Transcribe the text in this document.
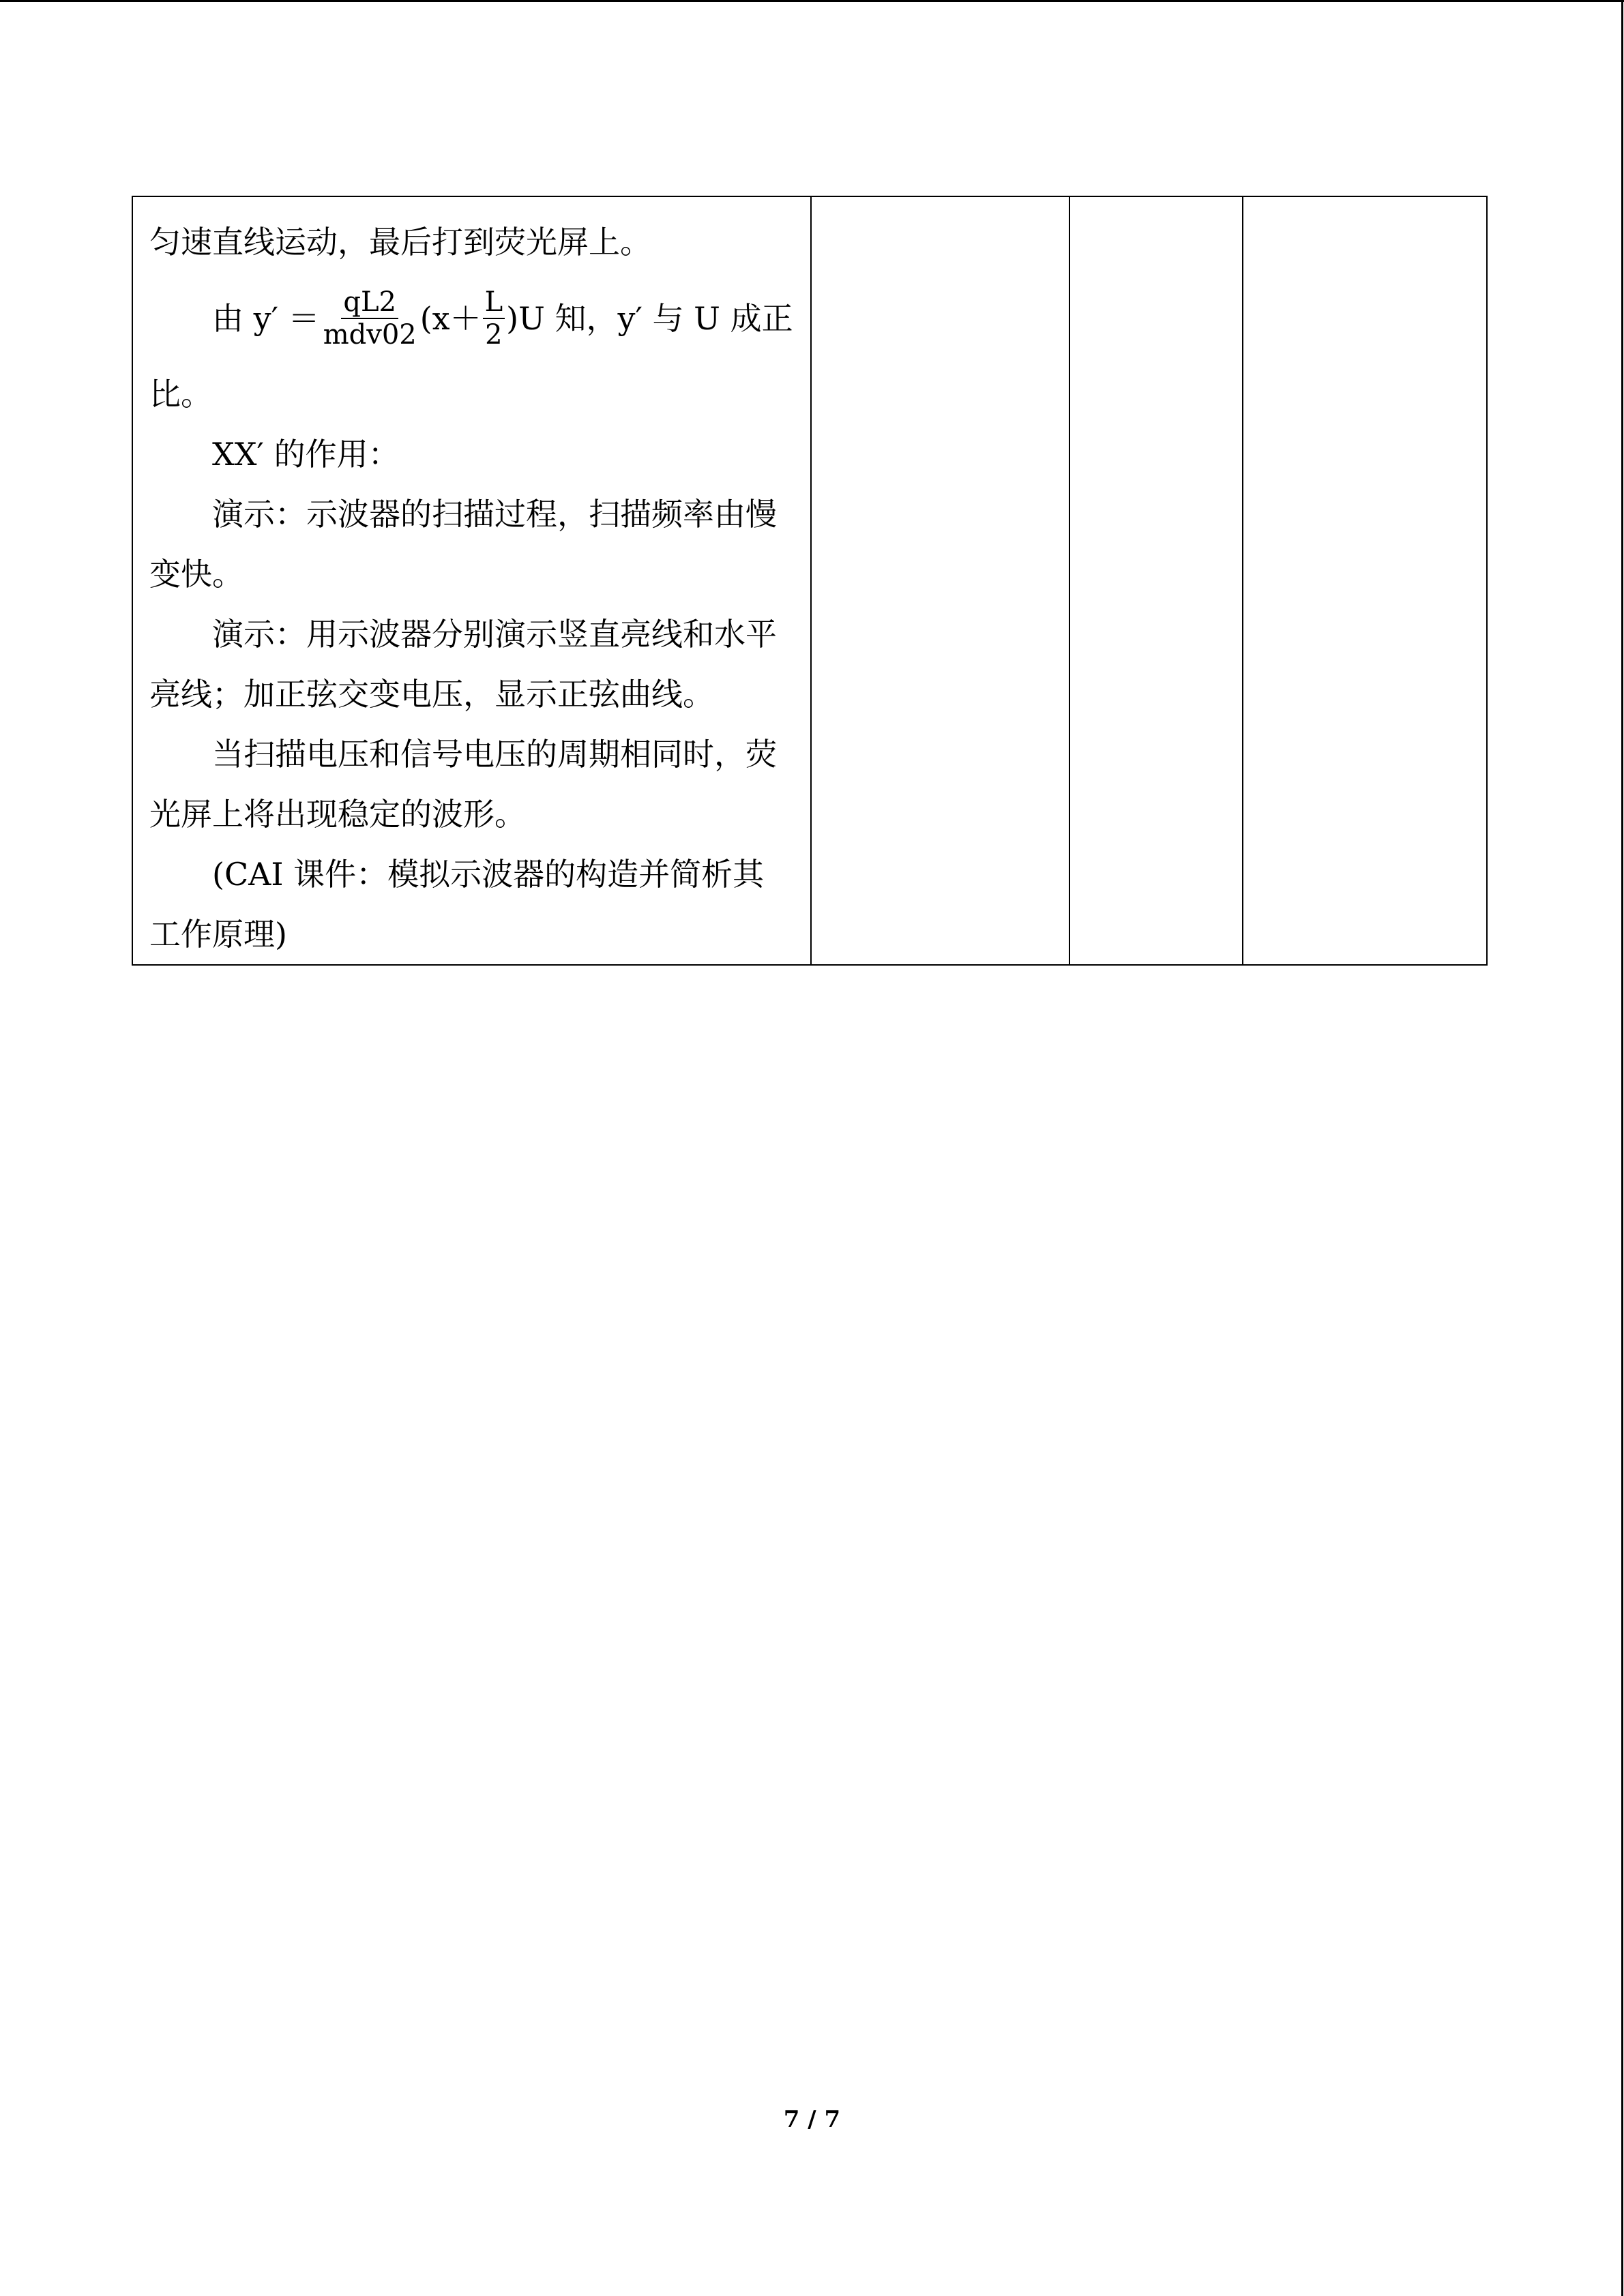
匀速直线运动，最后打到荧光屏上。

由 $y' = \frac{qL2}{\text{mdv02}} (x+ \frac{L}{2} )U$ 知，y′ 与 U 成正

比。

XX′ 的作用：

演示：示波器的扫描过程，扫描频率由慢变快。

演示：用示波器分别演示竖直亮线和水平亮线；加正弦交变电压，显示正弦曲线。

当扫描电压和信号电压的周期相同时，荧光屏上将出现稳定的波形。

(CAI 课件：模拟示波器的构造并简析其工作原理)

7 / 7
